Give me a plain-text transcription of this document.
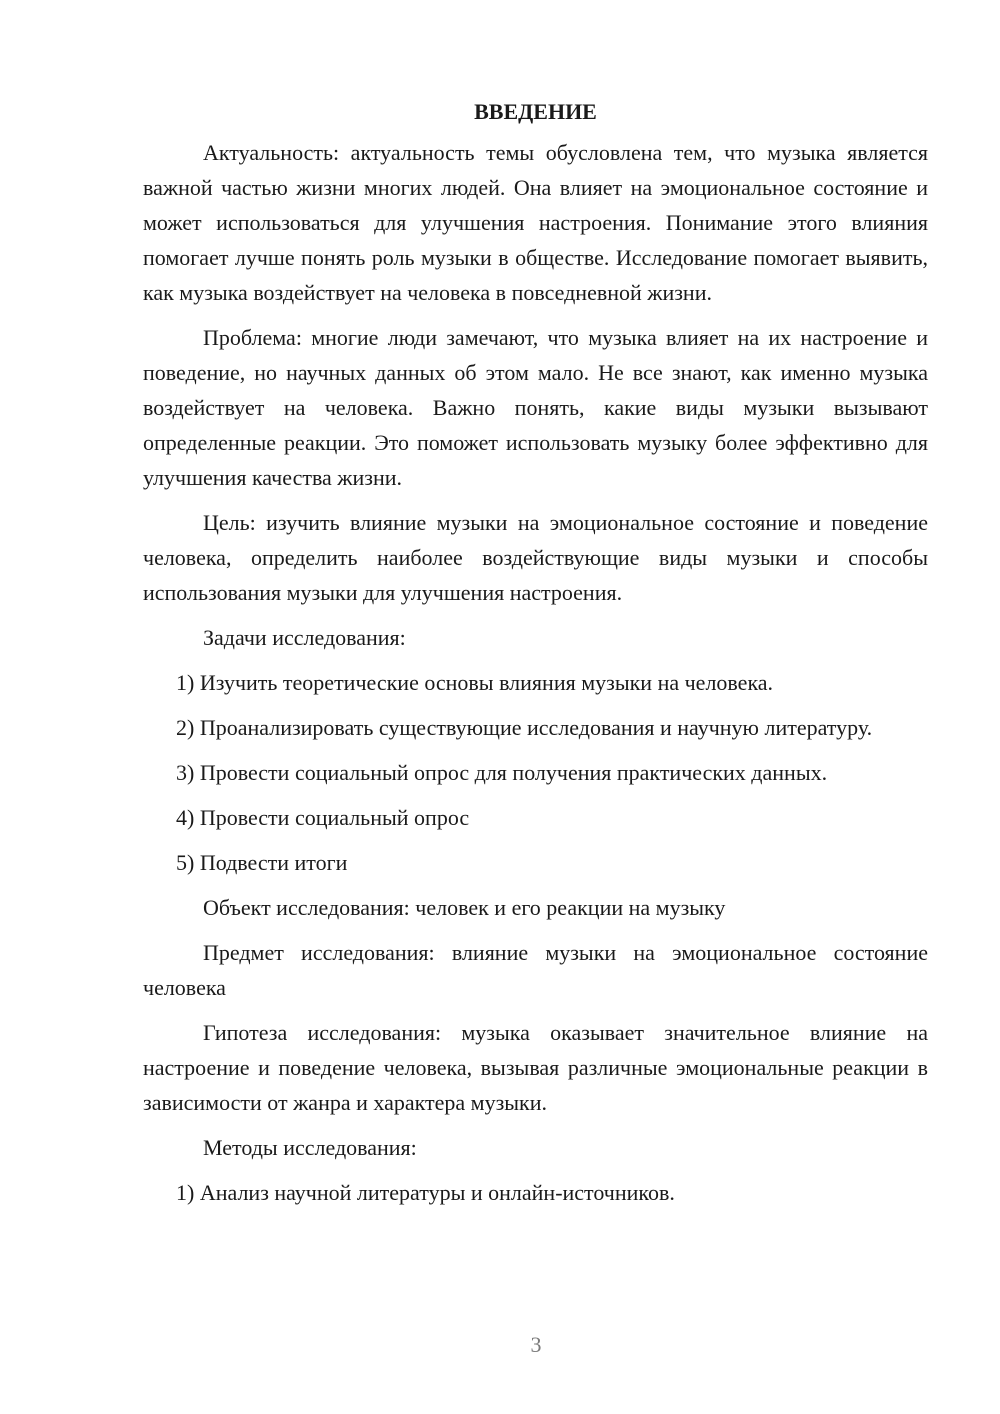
ВВЕДЕНИЕ

Актуальность: актуальность темы обусловлена тем, что музыка является важной частью жизни многих людей. Она влияет на эмоциональное состояние и может использоваться для улучшения настроения. Понимание этого влияния помогает лучше понять роль музыки в обществе. Исследование помогает выявить, как музыка воздействует на человека в повседневной жизни.

Проблема: многие люди замечают, что музыка влияет на их настроение и поведение, но научных данных об этом мало. Не все знают, как именно музыка воздействует на человека. Важно понять, какие виды музыки вызывают определенные реакции. Это поможет использовать музыку более эффективно для улучшения качества жизни.

Цель: изучить влияние музыки на эмоциональное состояние и поведение человека, определить наиболее воздействующие виды музыки и способы использования музыки для улучшения настроения.

Задачи исследования:

1) Изучить теоретические основы влияния музыки на человека.

2) Проанализировать существующие исследования и научную литературу.

3) Провести социальный опрос для получения практических данных.

4) Провести социальный опрос

5) Подвести итоги

Объект исследования: человек и его реакции на музыку

Предмет исследования: влияние музыки на эмоциональное состояние человека

Гипотеза исследования: музыка оказывает значительное влияние на настроение и поведение человека, вызывая различные эмоциональные реакции в зависимости от жанра и характера музыки.

Методы исследования:

1) Анализ научной литературы и онлайн-источников.

3
